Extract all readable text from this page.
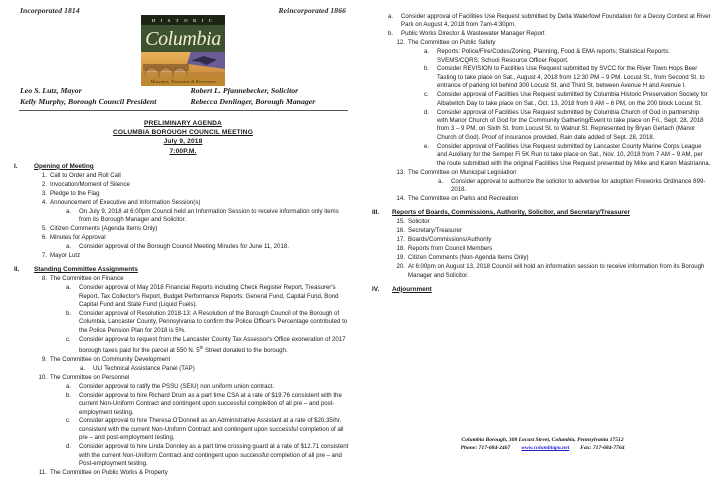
Incorporated 1814	Reincorporated 1866
H I S T O R I C
Columbia
Museums, Treasures & Rivertown
Leo S. Lutz, Mayor	Robert L. Pfannebecker, Solicitor
Kelly Murphy, Borough Council President	Rebecca Denlinger, Borough Manager
PRELIMINARY AGENDA
COLUMBIA BOROUGH COUNCIL MEETING
July 9, 2018
7:00P.M.
I.	Opening of Meeting
1. Call to Order and Roll Call
2. Invocation/Moment of Silence
3. Pledge to the Flag
4. Announcement of Executive and Information Session(s)
a.	On July 9, 2018 at 6:00pm Council held an Information Session to receive information only items from its Borough Manager and Solicitor.
5. Citizen Comments (Agenda Items Only)
6. Minutes for Approval
a.	Consider approval of the Borough Council Meeting Minutes for June 11, 2018.
7. Mayor Lutz
II.	Standing Committee Assignments
8. The Committee on Finance
a.	Consider approval of May 2018 Financial Reports including Check Register Report, Treasurer's Report, Tax Collector's Report, Budget Performance Reports: General Fund, Capital Fund, Bond Capital Fund and State Fund (Liquid Fuels).
b.	Consider approval of Resolution 2018-13: A Resolution of the Borough Council of the Borough of Columbia, Lancaster County, Pennsylvania to confirm the Police Officer's Percentage contributed to the Police Pension Plan for 2018 is 5%.
c.	Consider approval to request from the Lancaster County Tax Assessor's Office exoneration of 2017 borough taxes paid for the parcel at 550 N. 5th Street donated to the borough.
9. The Committee on Community Development
a.	ULI Technical Assistance Panel (TAP)
10. The Committee on Personnel
a.	Consider approval to ratify the PSSU (SEIU) non uniform union contract.
b.	Consider approval to hire Richard Drum as a part time CSA at a rate of $19.76 consistent with the current Non-Uniform Contract and contingent upon successful completion of all pre – and post-employment testing.
c.	Consider approval to hire Theresa O'Donnell as an Administrative Assistant at a rate of $20.35/hr. consistent with the current Non-Uniform Contract and contingent upon successful completion of all pre – and post-employment testing.
d.	Consider approval to hire Linda Donnley as a part time crossing guard at a rate of $12.71 consistent with the current Non-Uniform Contract and contingent upon successful completion of all pre – and Post-employment testing.
11. The Committee on Public Works & Property
a.	Consider approval of Facilities Use Request submitted by Delta Waterfowl Foundation for a Decoy Contest at River Park on August 4, 2018 from 7am-4:30pm.
b.	Public Works Director & Wastewater Manager Report
12. The Committee on Public Safety
a.	Reports: Police/Fire/Codes/Zoning, Planning, Food & EMA reports; Statistical Reports: SVEMS/CQRS; School Resource Officer Report.
b.	Consider REVISION to Facilities Use Request submitted by SVCC for the River Town Hops Beer Tasting to take place on Sat., August 4, 2018 from 12:30 PM – 9 PM. Locust St., from Second St. to entrance of parking lot behind 300 Locust St. and Third St. between Avenue H and Avenue I.
c.	Consider approval of Facilities Use Request submitted by Columbia Historic Preservation Society for Albatwitch Day to take place on Sat., Oct. 13, 2018 from 9 AM – 6 PM, on the 200 block Locust St.
d.	Consider approval of Facilities Use Request submitted by Columbia Church of God in partnership with Manor Church of God for the Community Gathering/Event to take place on Fri., Sept. 28, 2018 from 3 – 9 PM, on Sixth St. from Locust St. to Walnut St. Represented by Bryan Gerlach (Manor Church of God). Proof of insurance provided. Rain date added of Sept. 28, 2018.
e.	Consider approval of Facilities Use Request submitted by Lancaster County Marine Corps League and Auxiliary for the Semper Fi 5K Run to take place on Sat., Nov. 10, 2018 from 7 AM – 9 AM, per the route submitted with the original Facilities Use Request presented by Mike and Karen Mastrianna.
13. The Committee on Municipal Legislation
a.	Consider approval to authorize the solicitor to advertise for adoption Fireworks Ordinance 899-2018.
14. The Committee on Parks and Recreation
III.	Reports of Boards, Commissions, Authority, Solicitor, and Secretary/Treasurer
15. Solicitor
16. Secretary/Treasurer
17. Boards/Commissions/Authority
18. Reports from Council Members
19. Citizen Comments (Non-Agenda Items Only)
20. At 6:00pm on August 13, 2018 Council will hold an information session to receive information from its Borough Manager and Solicitor.
IV.	Adjournment
Columbia Borough, 308 Locust Street, Columbia, Pennsylvania 17512
Phone: 717-684-2467 www.columbiapa.net Fax: 717-684-7764
